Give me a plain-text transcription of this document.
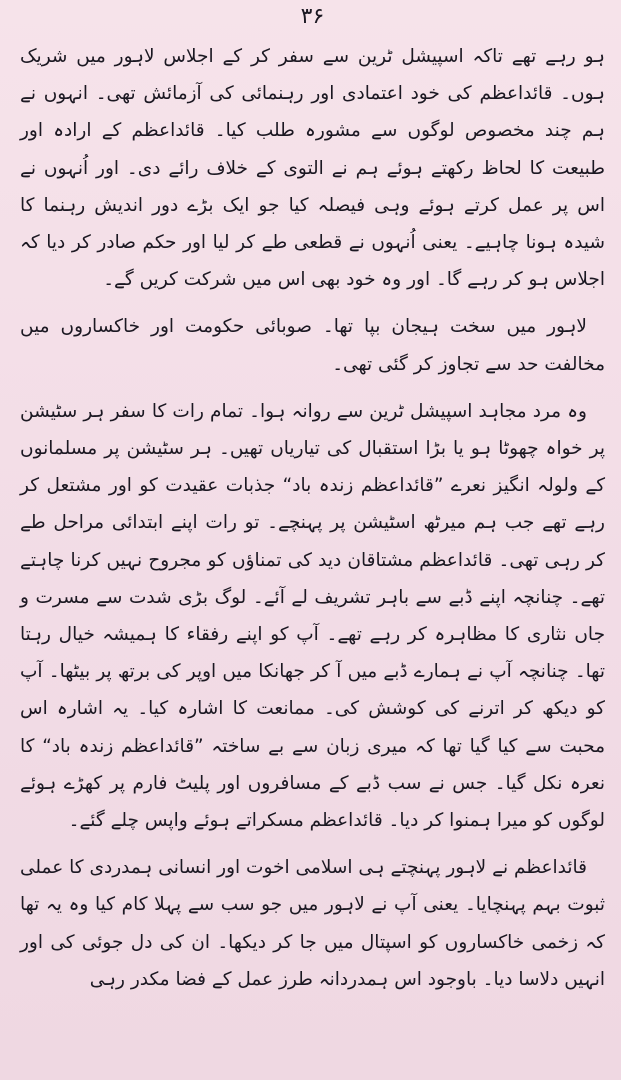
۳۶

ہو رہے تھے تاکہ اسپیشل ٹرین سے سفر کر کے اجلاس لاہور میں شریک ہوں۔ قائداعظم کی خود اعتمادی اور رہنمائی کی آزمائش تھی۔ انہوں نے ہم چند مخصوص لوگوں سے مشورہ طلب کیا۔ قائداعظم کے ارادہ اور طبیعت کا لحاظ رکھتے ہوئے ہم نے التوی کے خلاف رائے دی۔ اور اُنہوں نے اس پر عمل کرتے ہوئے وہی فیصلہ کیا جو ایک بڑے دور اندیش رہنما کا شیدہ ہونا چاہیے۔ یعنی اُنہوں نے قطعی طے کر لیا اور حکم صادر کر دیا کہ اجلاس ہو کر رہے گا۔ اور وہ خود بھی اس میں شرکت کریں گے۔

لاہور میں سخت ہیجان بپا تھا۔ صوبائی حکومت اور خاکساروں میں مخالفت حد سے تجاوز کر گئی تھی۔

وہ مرد مجاہد اسپیشل ٹرین سے روانہ ہوا۔ تمام رات کا سفر ہر سٹیشن پر خواہ چھوٹا ہو یا بڑا استقبال کی تیاریاں تھیں۔ ہر سٹیشن پر مسلمانوں کے ولولہ انگیز نعرے ”قائداعظم زندہ باد“ جذبات عقیدت کو اور مشتعل کر رہے تھے جب ہم میرٹھ اسٹیشن پر پہنچے۔ تو رات اپنے ابتدائی مراحل طے کر رہی تھی۔ قائداعظم مشتاقان دید کی تمناؤں کو مجروح نہیں کرنا چاہتے تھے۔ چنانچہ اپنے ڈبے سے باہر تشریف لے آئے۔ لوگ بڑی شدت سے مسرت و جاں نثاری کا مظاہرہ کر رہے تھے۔ آپ کو اپنے رفقاء کا ہمیشہ خیال رہتا تھا۔ چنانچہ آپ نے ہمارے ڈبے میں آ کر جھانکا میں اوپر کی برتھ پر بیٹھا۔ آپ کو دیکھ کر اترنے کی کوشش کی۔ ممانعت کا اشارہ کیا۔ یہ اشارہ اس محبت سے کیا گیا تھا کہ میری زبان سے بے ساختہ ”قائداعظم زندہ باد“ کا نعرہ نکل گیا۔ جس نے سب ڈبے کے مسافروں اور پلیٹ فارم پر کھڑے ہوئے لوگوں کو میرا ہمنوا کر دیا۔ قائداعظم مسکراتے ہوئے واپس چلے گئے۔

قائداعظم نے لاہور پہنچتے ہی اسلامی اخوت اور انسانی ہمدردی کا عملی ثبوت بہم پہنچایا۔ یعنی آپ نے لاہور میں جو سب سے پہلا کام کیا وہ یہ تھا کہ زخمی خاکساروں کو اسپتال میں جا کر دیکھا۔ ان کی دل جوئی کی اور انہیں دلاسا دیا۔ باوجود اس ہمدردانہ طرز عمل کے فضا مکدر رہی
